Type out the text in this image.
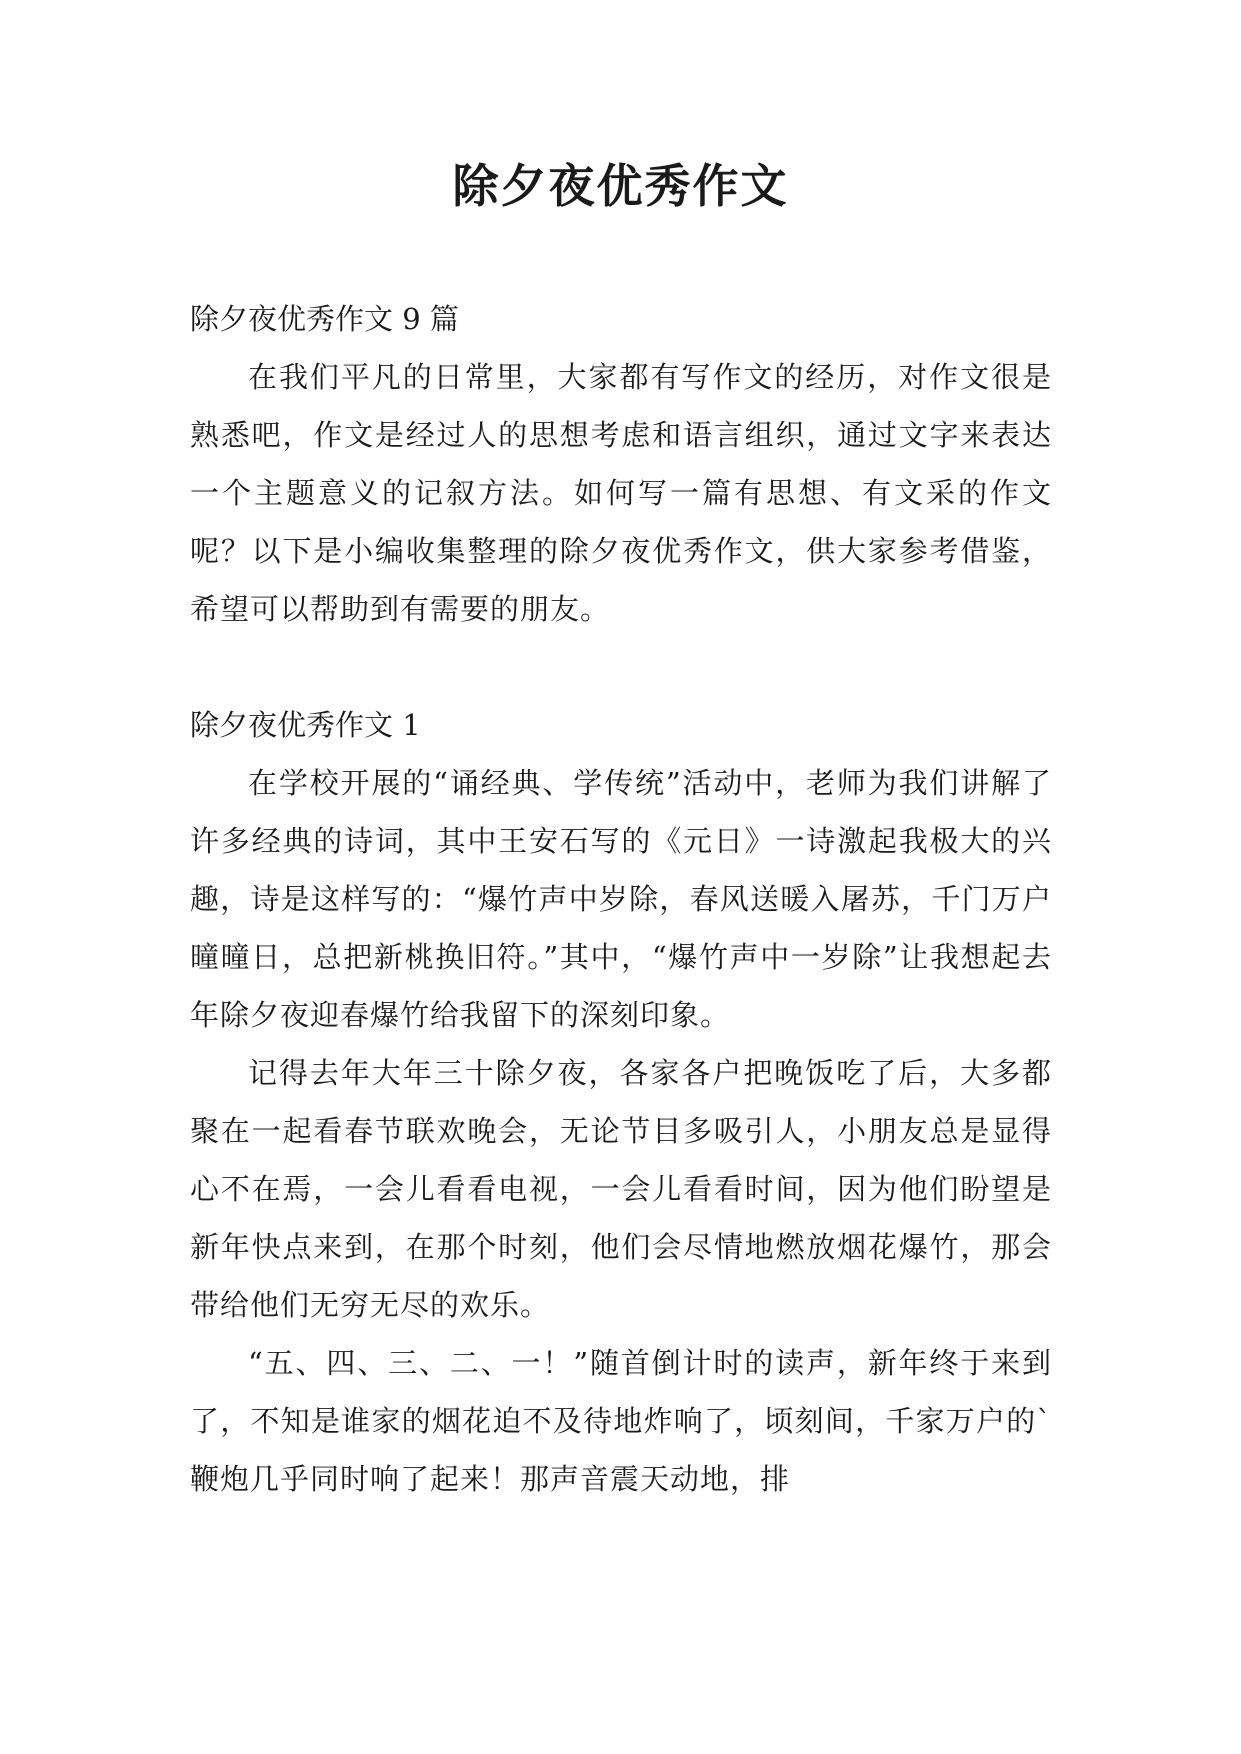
除夕夜优秀作文

除夕夜优秀作文 9 篇

在我们平凡的日常里，大家都有写作文的经历，对作文很是熟悉吧，作文是经过人的思想考虑和语言组织，通过文字来表达一个主题意义的记叙方法。如何写一篇有思想、有文采的作文呢？以下是小编收集整理的除夕夜优秀作文，供大家参考借鉴，希望可以帮助到有需要的朋友。

除夕夜优秀作文 1

在学校开展的“诵经典、学传统”活动中，老师为我们讲解了许多经典的诗词，其中王安石写的《元日》一诗激起我极大的兴趣，诗是这样写的：“爆竹声中岁除，春风送暖入屠苏，千门万户曈曈日，总把新桃换旧符。”其中，“爆竹声中一岁除”让我想起去年除夕夜迎春爆竹给我留下的深刻印象。

记得去年大年三十除夕夜，各家各户把晚饭吃了后，大多都聚在一起看春节联欢晚会，无论节目多吸引人，小朋友总是显得心不在焉，一会儿看看电视，一会儿看看时间，因为他们盼望是新年快点来到，在那个时刻，他们会尽情地燃放烟花爆竹，那会带给他们无穷无尽的欢乐。

“五、四、三、二、一！”随首倒计时的读声，新年终于来到了，不知是谁家的烟花迫不及待地炸响了，顷刻间，千家万户的`鞭炮几乎同时响了起来！那声音震天动地，排
